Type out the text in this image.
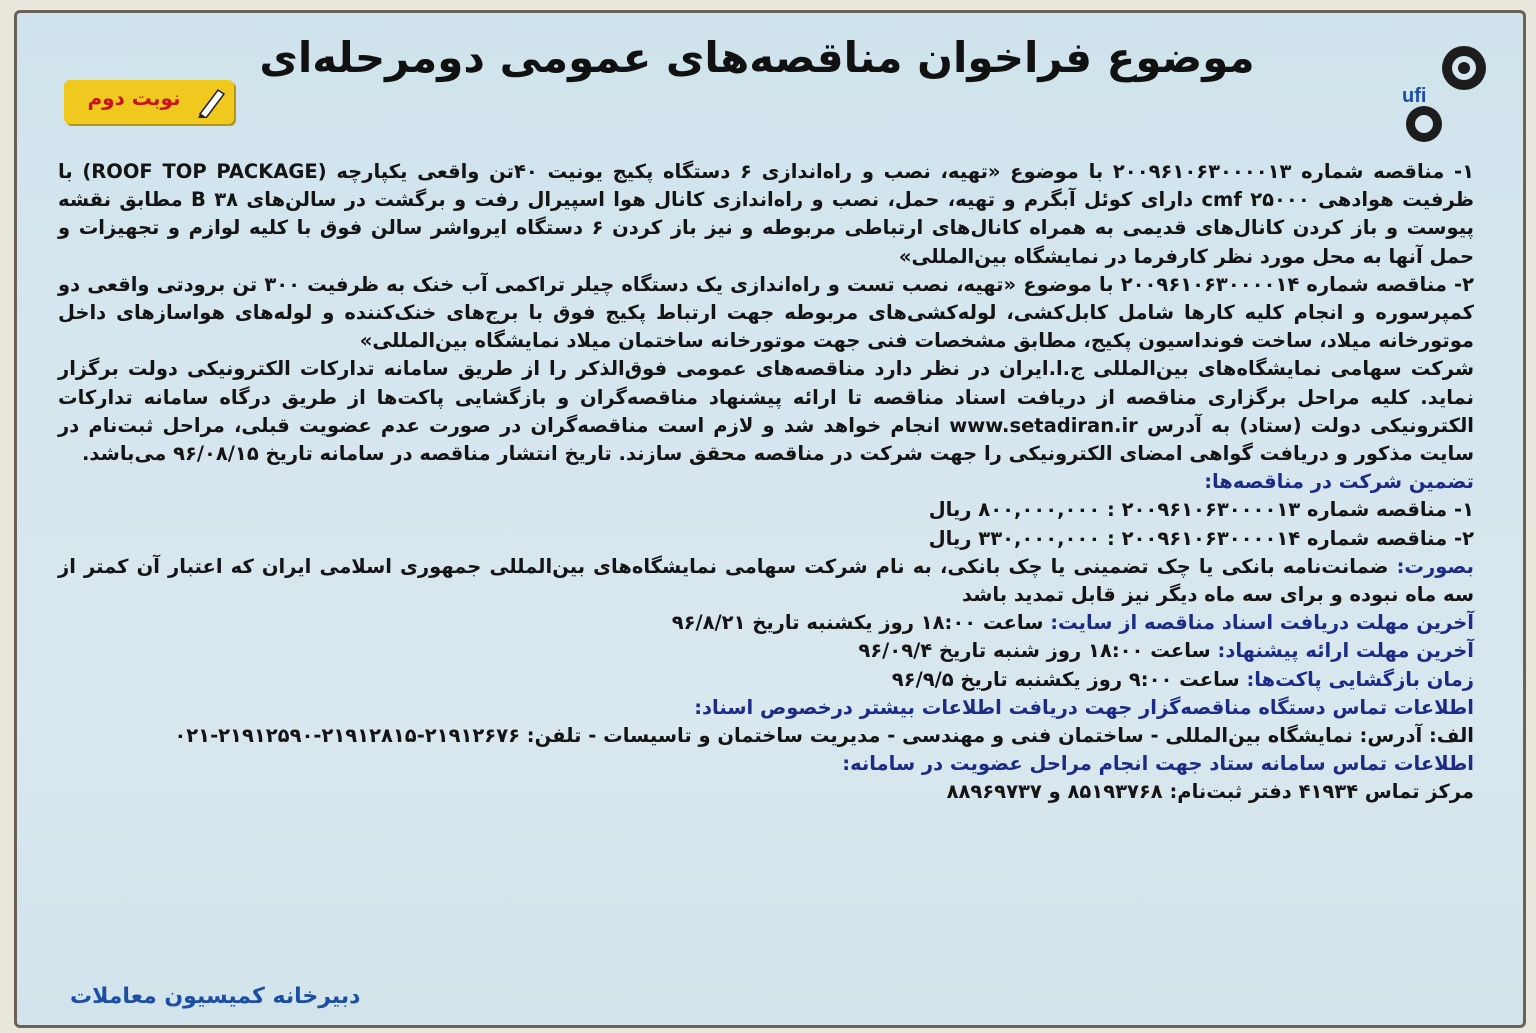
ufi
موضوع فراخوان مناقصه‌های عمومی دومرحله‌ای
نوبت دوم

۱- مناقصه شماره ۲۰۰۹۶۱۰۶۳۰۰۰۰۱۳ با موضوع «تهیه، نصب و راه‌اندازی ۶ دستگاه پکیج یونیت ۴۰تن واقعی یکپارچه (ROOF TOP PACKAGE) با ظرفیت هوادهی ۲۵۰۰۰ cmf دارای کوئل آبگرم و تهیه، حمل، نصب و راه‌اندازی کانال هوا اسپیرال رفت و برگشت در سالن‌های B ۳۸ مطابق نقشه پیوست و باز کردن کانال‌های قدیمی به همراه کانال‌های ارتباطی مربوطه و نیز باز کردن ۶ دستگاه ایرواشر سالن فوق با کلیه لوازم و تجهیزات و حمل آنها به محل مورد نظر کارفرما در نمایشگاه بین‌المللی»

۲- مناقصه شماره ۲۰۰۹۶۱۰۶۳۰۰۰۰۱۴ با موضوع «تهیه، نصب تست و راه‌اندازی یک دستگاه چیلر تراکمی آب خنک به ظرفیت ۳۰۰ تن برودتی واقعی دو کمپرسوره و انجام کلیه کارها شامل کابل‌کشی، لوله‌کشی‌های مربوطه جهت ارتباط پکیج فوق با برج‌های خنک‌کننده و لوله‌های هواسازهای داخل موتورخانه میلاد، ساخت فونداسیون پکیج، مطابق مشخصات فنی جهت موتورخانه ساختمان میلاد نمایشگاه بین‌المللی»

شرکت سهامی نمایشگاه‌های بین‌المللی ج.ا.ایران در نظر دارد مناقصه‌های عمومی فوق‌الذکر را از طریق سامانه تدارکات الکترونیکی دولت برگزار نماید. کلیه مراحل برگزاری مناقصه از دریافت اسناد مناقصه تا ارائه پیشنهاد مناقصه‌گران و بازگشایی پاکت‌ها از طریق درگاه سامانه تدارکات الکترونیکی دولت (ستاد) به آدرس www.setadiran.ir انجام خواهد شد و لازم است مناقصه‌گران در صورت عدم عضویت قبلی، مراحل ثبت‌نام در سایت مذکور و دریافت گواهی امضای الکترونیکی را جهت شرکت در مناقصه محقق سازند. تاریخ انتشار مناقصه در سامانه تاریخ ۹۶/۰۸/۱۵ می‌باشد.

تضمین شرکت در مناقصه‌ها:

۱- مناقصه شماره ۲۰۰۹۶۱۰۶۳۰۰۰۰۱۳ : ۸۰۰,۰۰۰,۰۰۰ ریال

۲- مناقصه شماره ۲۰۰۹۶۱۰۶۳۰۰۰۰۱۴ : ۳۳۰,۰۰۰,۰۰۰ ریال

بصورت: ضمانت‌نامه بانکی یا چک تضمینی یا چک بانکی، به نام شرکت سهامی نمایشگاه‌های بین‌المللی جمهوری اسلامی ایران که اعتبار آن کمتر از سه ماه نبوده و برای سه ماه دیگر نیز قابل تمدید باشد

آخرین مهلت دریافت اسناد مناقصه از سایت: ساعت ۱۸:۰۰ روز یکشنبه تاریخ ۹۶/۸/۲۱

آخرین مهلت ارائه پیشنهاد: ساعت ۱۸:۰۰ روز شنبه تاریخ ۹۶/۰۹/۴

زمان بازگشایی پاکت‌ها: ساعت ۹:۰۰ روز یکشنبه تاریخ ۹۶/۹/۵

اطلاعات تماس دستگاه مناقصه‌گزار جهت دریافت اطلاعات بیشتر درخصوص اسناد:

الف: آدرس: نمایشگاه بین‌المللی - ساختمان فنی و مهندسی - مدیریت ساختمان و تاسیسات - تلفن: ۲۱۹۱۲۶۷۶-۲۱۹۱۲۸۱۵-۲۱۹۱۲۵۹۰-۰۲۱

اطلاعات تماس سامانه ستاد جهت انجام مراحل عضویت در سامانه:

مرکز تماس ۴۱۹۳۴ دفتر ثبت‌نام: ۸۵۱۹۳۷۶۸ و ۸۸۹۶۹۷۳۷

دبیرخانه کمیسیون معاملات
